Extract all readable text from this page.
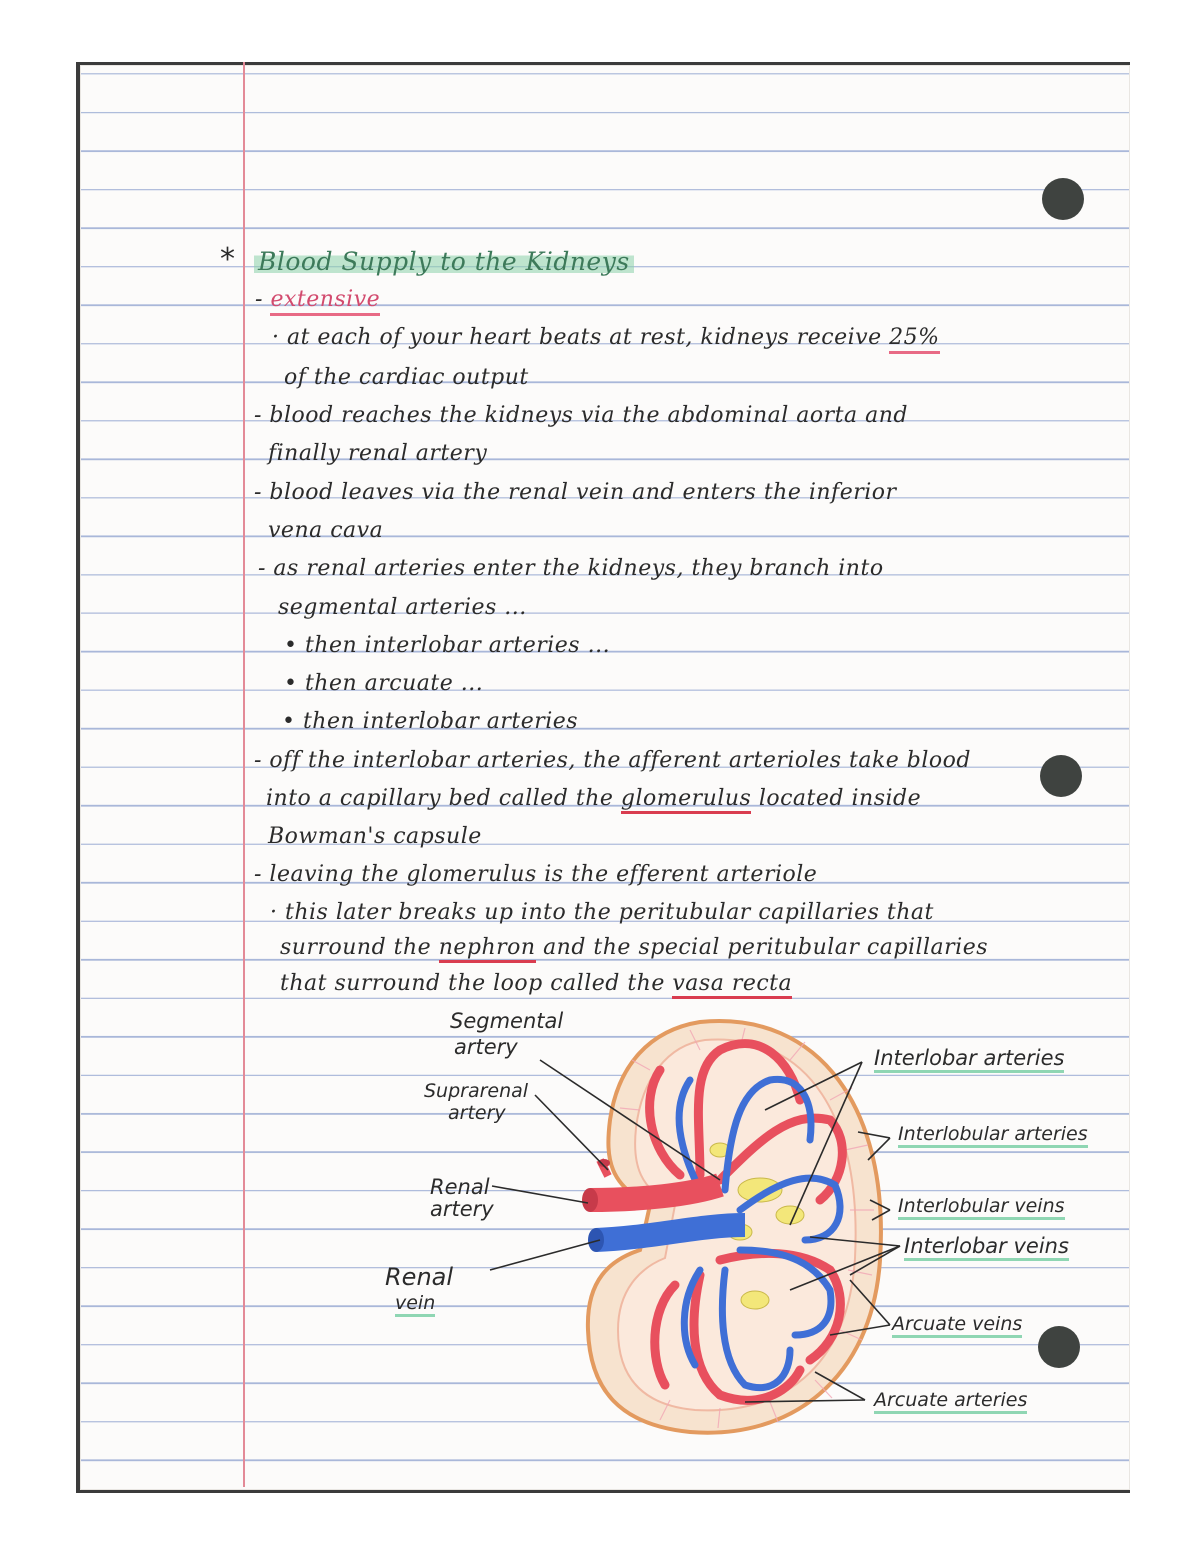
* Blood Supply to the Kidneys
- extensive
· at each of your heart beats at rest, kidneys receive 25%
of the cardiac output
- blood reaches the kidneys via the abdominal aorta and
finally renal artery
- blood leaves via the renal vein and enters the inferior
vena cava
- as renal arteries enter the kidneys, they branch into
segmental arteries ...
• then interlobar arteries ...
• then arcuate ...
• then interlobar arteries
- off the interlobar arteries, the afferent arterioles take blood
into a capillary bed called the glomerulus located inside
Bowman's capsule
- leaving the glomerulus is the efferent arteriole
· this later breaks up into the peritubular capillaries that
surround the nephron and the special peritubular capillaries
that surround the loop called the vasa recta
Segmental
artery
Suprarenal
artery
Renal
artery
Renal
vein
Interlobar arteries
Interlobular arteries
Interlobular veins
Interlobar veins
Arcuate veins
Arcuate arteries
